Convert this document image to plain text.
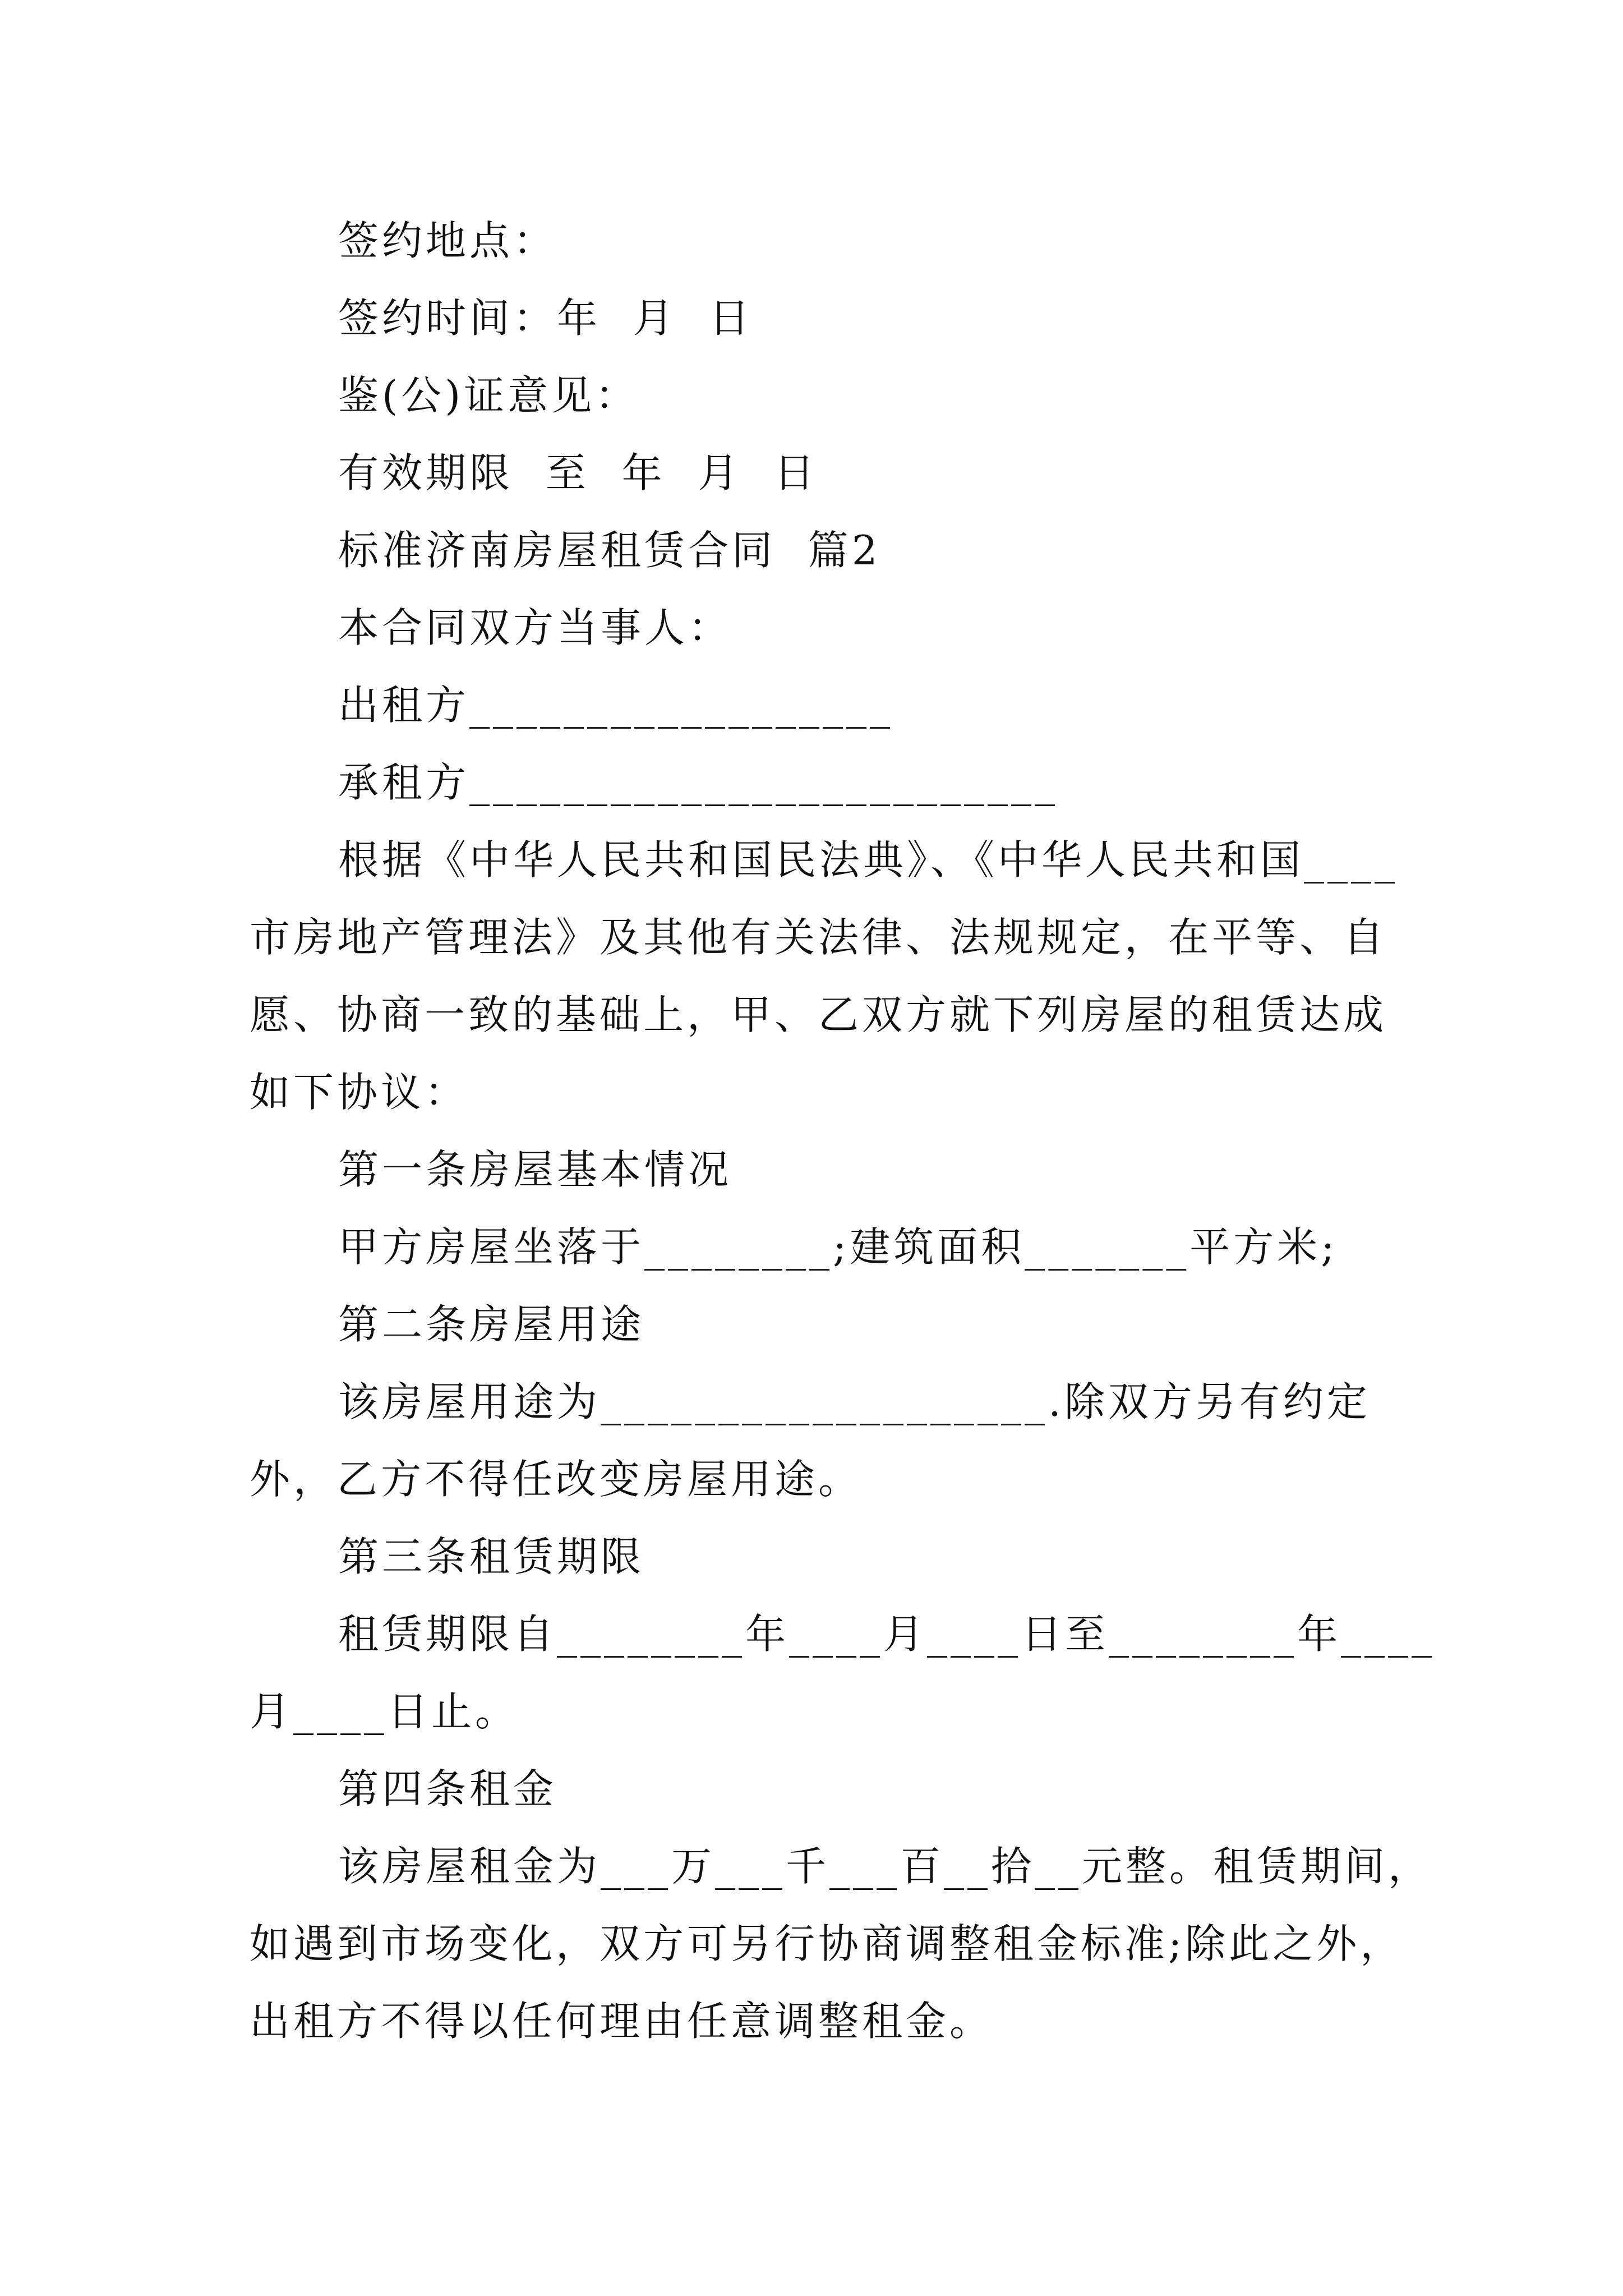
签约地点：
签约时间：年  月  日
鉴(公)证意见：
有效期限  至  年  月  日
标准济南房屋租赁合同  篇2
本合同双方当事人：
出租方__________________
承租方_________________________
根据《中华人民共和国民法典》、《中华人民共和国____
市房地产管理法》及其他有关法律、法规规定，在平等、自
愿、协商一致的基础上，甲、乙双方就下列房屋的租赁达成
如下协议：
第一条房屋基本情况
甲方房屋坐落于________;建筑面积_______平方米;
第二条房屋用途
该房屋用途为___________________.除双方另有约定
外，乙方不得任改变房屋用途。
第三条租赁期限
租赁期限自________年____月____日至________年____
月____日止。
第四条租金
该房屋租金为___万___千___百__拾__元整。租赁期间，
如遇到市场变化，双方可另行协商调整租金标准;除此之外，
出租方不得以任何理由任意调整租金。
